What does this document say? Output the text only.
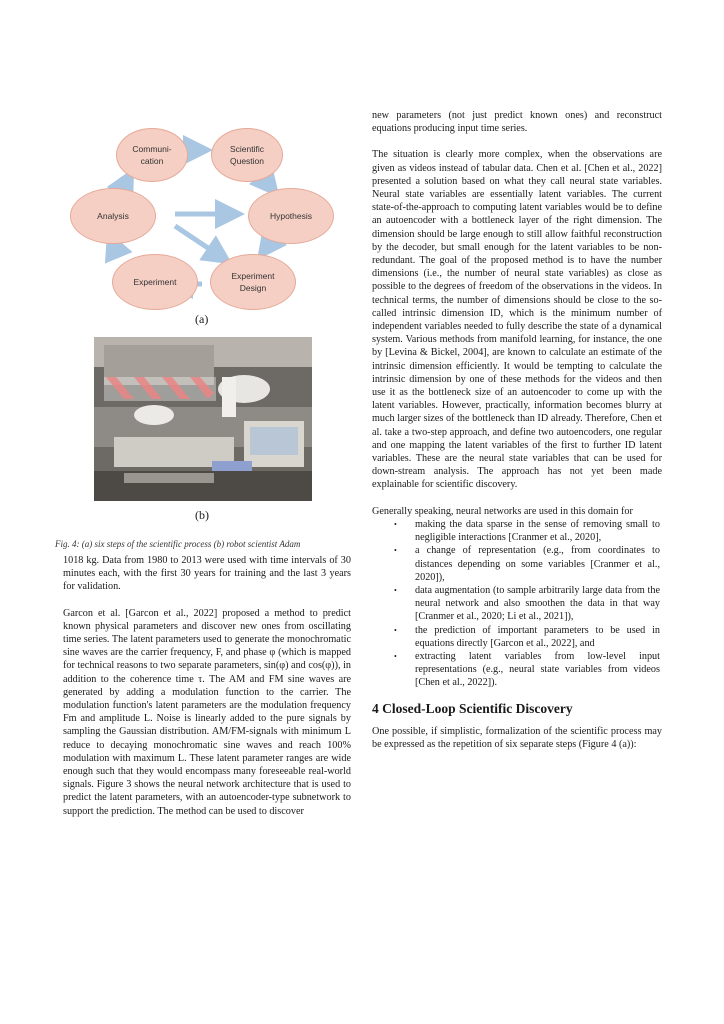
Communi-
cation
Scientific
Question
Analysis	Hypothesis
Experiment
Experiment
Design
(a)
(b)
Fig. 4: (a) six steps of the scientific process (b) robot scientist Adam

1018 kg. Data from 1980 to 2013 were used with time intervals of 30 minutes each, with the first 30 years for training and the last 3 years for validation.

Garcon et al. [Garcon et al., 2022] proposed a method to predict known physical parameters and discover new ones from oscillating time series. The latent parameters used to generate the monochromatic sine waves are the carrier frequency, F, and phase φ (which is mapped for technical reasons to two separate parameters, sin(φ) and cos(φ)), in addition to the coherence time τ. The AM and FM sine waves are generated by adding a modulation function to the carrier. The modulation function's latent parameters are the modulation frequency Fm and amplitude L. Noise is linearly added to the pure signals by sampling the Gaussian distribution. AM/FM-signals with minimum L reduce to decaying monochromatic sine waves and reach 100% modulation with maximum L. These latent parameter ranges are wide enough such that they would encompass many foreseeable real-world signals. Figure 3 shows the neural network architecture that is used to predict the latent parameters, with an autoencoder-type subnetwork to support the prediction. The method can be used to discover

new parameters (not just predict known ones) and reconstruct equations producing input time series.

The situation is clearly more complex, when the observations are given as videos instead of tabular data. Chen et al. [Chen et al., 2022] presented a solution based on what they call neural state variables. Neural state variables are essentially latent variables. The current state-of-the-approach to computing latent variables would be to define an autoencoder with a bottleneck layer of the right dimension. The dimension should be large enough to still allow faithful reconstruction by the decoder, but small enough for the latent variables to be non-redundant. The goal of the proposed method is to have the number dimensions (i.e., the number of neural state variables) as close as possible to the degrees of freedom of the observations in the videos. In technical terms, the number of dimensions should be close to the so-called intrinsic dimension ID, which is the minimum number of independent variables needed to fully describe the state of a dynamical system. Various methods from manifold learning, for instance, the one by [Levina & Bickel, 2004], are known to calculate an estimate of the intrinsic dimension efficiently. It would be tempting to calculate the intrinsic dimension by one of these methods for the videos and then use it as the bottleneck size of an autoencoder to come up with the latent variables. However, practically, information becomes blurry at much larger sizes of the bottleneck than ID already. Therefore, Chen et al. take a two-step approach, and define two autoencoders, one regular and one mapping the latent variables of the first to further ID latent variables. These are the neural state variables that can be used for down-stream analysis. The approach has not yet been made explainable for scientific discovery.

Generally speaking, neural networks are used in this domain for

• making the data sparse in the sense of removing small to negligible interactions [Cranmer et al., 2020],
• a change of representation (e.g., from coordinates to distances depending on some variables [Cranmer et al., 2020]),
• data augmentation (to sample arbitrarily large data from the neural network and also smoothen the data in that way [Cranmer et al., 2020; Li et al., 2021]),
• the prediction of important parameters to be used in equations directly [Garcon et al., 2022], and
• extracting latent variables from low-level input representations (e.g., neural state variables from videos [Chen et al., 2022]).
4 Closed-Loop Scientific Discovery

One possible, if simplistic, formalization of the scientific process may be expressed as the repetition of six separate steps (Figure 4 (a)):
